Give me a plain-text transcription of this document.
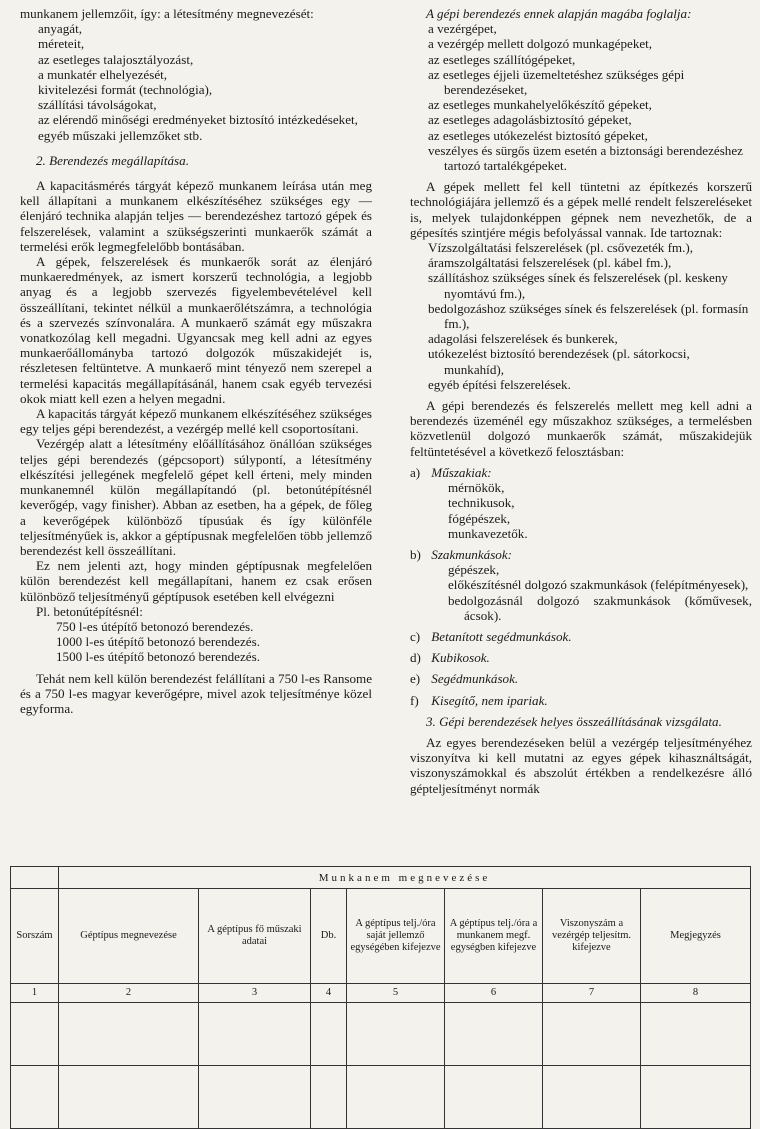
munkanem jellemzőit, így: a létesítmény megnevezését:

anyagát,
méreteit,
az esetleges talajosztályozást,
a munkatér elhelyezését,
kivitelezési formát (technológia),
szállítási távolságokat,
az elérendő minőségi eredményeket biztosító intézkedéseket,
egyéb műszaki jellemzőket stb.

2. Berendezés megállapítása.

A kapacitásmérés tárgyát képező munkanem leírása után meg kell állapítani a munkanem elkészítéséhez szükséges egy — élenjáró technika alapján teljes — berendezéshez tartozó gépek és felszerelések, valamint a szükségszerinti munkaerők számát a termelési erők legmegfelelőbb bontásában.

A gépek, felszerelések és munkaerők sorát az élenjáró munkaeredmények, az ismert korszerű technológia, a legjobb anyag és a legjobb szervezés figyelembevételével kell összeállítani, tekintet nélkül a munkaerőlétszámra, a technológia és a szervezés színvonalára. A munkaerő számát egy műszakra vonatkozólag kell megadni. Ugyancsak meg kell adni az egyes munkaerőállományba tartozó dolgozók műszakidejét is, részletesen feltüntetve. A munkaerő mint tényező nem szerepel a termelési kapacitás megállapításánál, hanem csak egyéb tervezési okok miatt kell ezen a helyen megadni.

A kapacitás tárgyát képező munkanem elkészítéséhez szükséges egy teljes gépi berendezést, a vezérgép mellé kell csoportosítani.

Vezérgép alatt a létesítmény előállításához önállóan szükséges teljes gépi berendezés (gépcsoport) súlypontí, a létesítmény elkészítési jellegének megfelelő gépet kell érteni, mely minden munkanemnél külön megállapítandó (pl. betonútépítésnél keverőgép, vagy finisher). Abban az esetben, ha a gépek, de főleg a keverőgépek különböző típusúak és így különféle teljesítményűek is, akkor a géptípusnak megfelelően több jellemző berendezést kell összeállítani.

Ez nem jelenti azt, hogy minden géptípusnak megfelelően külön berendezést kell megállapítani, hanem ez csak erősen különböző teljesítményű géptípusok esetében kell elvégezni

Pl. betonútépítésnél:

750 l-es útépítő betonozó berendezés.
1000 l-es útépítő betonozó berendezés.
1500 l-es útépítő betonozó berendezés.

Tehát nem kell külön berendezést felállítani a 750 l-es Ransome és a 750 l-es magyar keverőgépre, mivel azok teljesítménye közel egyforma.

A gépi berendezés ennek alapján magába foglalja:

a vezérgépet,
a vezérgép mellett dolgozó munkagépeket,
az esetleges szállítógépeket,
az esetleges éjjeli üzemeltetéshez szükséges gépi berendezéseket,
az esetleges munkahelyelőkészítő gépeket,
az esetleges adagolásbiztosító gépeket,
az esetleges utókezelést biztosító gépeket,
veszélyes és sürgős üzem esetén a biztonsági berendezéshez tartozó tartalékgépeket.

A gépek mellett fel kell tüntetni az építkezés korszerű technológiájára jellemző és a gépek mellé rendelt felszereléseket is, melyek tulajdonképpen gépnek nem nevezhetők, de a gépesítés szintjére mégis befolyással vannak. Ide tartoznak:

Vízszolgáltatási felszerelések (pl. csővezeték fm.),
áramszolgáltatási felszerelések (pl. kábel fm.),
szállításhoz szükséges sínek és felszerelések (pl. keskeny nyomtávú fm.),
bedolgozáshoz szükséges sínek és felszerelések (pl. formasín fm.),
adagolási felszerelések és bunkerek,
utókezelést biztosító berendezések (pl. sátorkocsi, munkahíd),
egyéb építési felszerelések.

A gépi berendezés és felszerelés mellett meg kell adni a berendezés üzeménél egy műszakhoz szükséges, a termelésben közvetlenül dolgozó munkaerők számát, műszakidejük feltüntetésével a következő felosztásban:

a) Műszakiak:
mérnökök,
technikusok,
fógépészek,
munkavezetők.
b) Szakmunkások:
gépészek,
előkészítésnél dolgozó szakmunkások (felépítményesek),
bedolgozásnál dolgozó szakmunkások (kőművesek, ácsok).
c) Betanított segédmunkások.
d) Kubikosok.
e) Segédmunkások.
f) Kisegítő, nem ipariak.

3. Gépi berendezések helyes összeállításának vizsgálata.

Az egyes berendezéseken belül a vezérgép teljesítményéhez viszonyítva ki kell mutatni az egyes gépek kihasználtságát, viszonyszámokkal és abszolút értékben a rendelkezésre álló gépteljesítményt normák

	Munkanem megnevezése						
Sorszám	Géptípus megnevezése	A géptípus fő műszaki adatai	Db.	A géptípus telj./óra saját jellemző egységében kifejezve	A géptípus telj./óra a munkanem megf. egységben kifejezve	Viszonyszám a vezérgép teljesítm. kifejezve	Megjegyzés
1	2	3	4	5	6	7	8
